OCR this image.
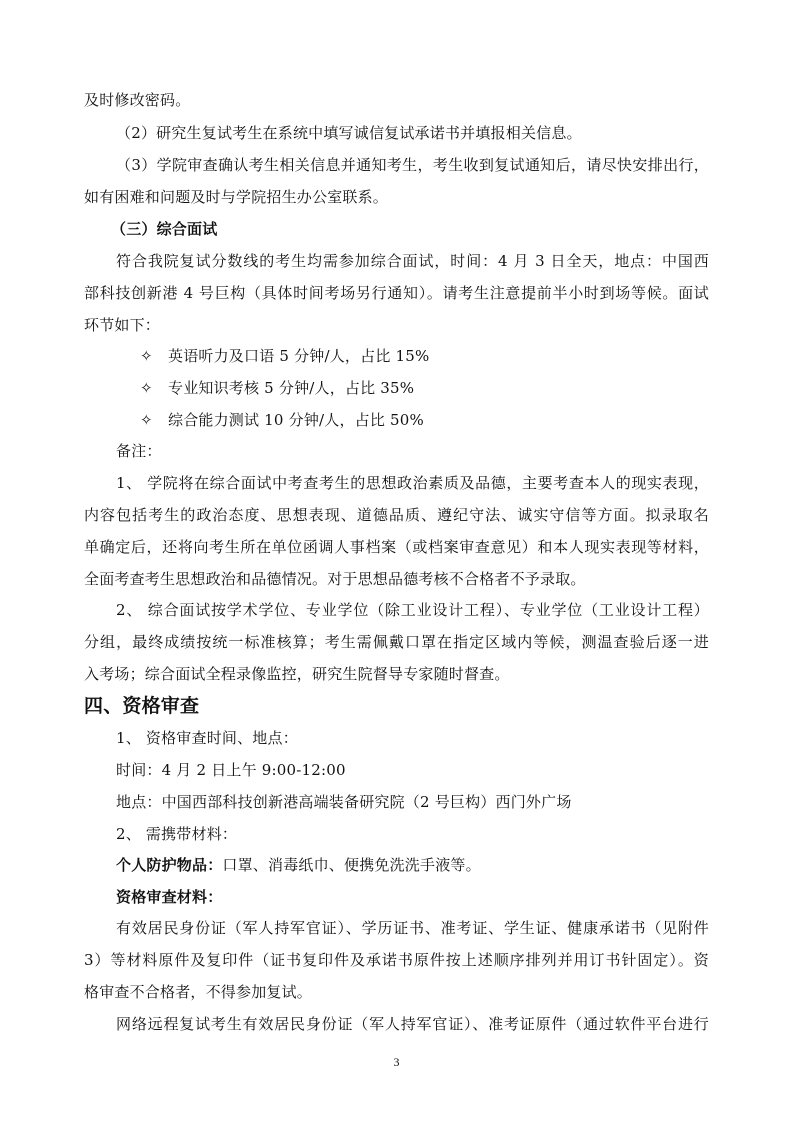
及时修改密码。
（2）研究生复试考生在系统中填写诚信复试承诺书并填报相关信息。
（3）学院审查确认考生相关信息并通知考生，考生收到复试通知后，请尽快安排出行，
如有困难和问题及时与学院招生办公室联系。
（三）综合面试
符合我院复试分数线的考生均需参加综合面试，时间：4 月 3 日全天，地点：中国西
部科技创新港 4 号巨构（具体时间考场另行通知）。请考生注意提前半小时到场等候。面试
环节如下：
✧ 英语听力及口语 5 分钟/人，占比 15%
✧ 专业知识考核 5 分钟/人，占比 35%
✧ 综合能力测试 10 分钟/人，占比 50%
备注：
1、 学院将在综合面试中考查考生的思想政治素质及品德，主要考查本人的现实表现，
内容包括考生的政治态度、思想表现、道德品质、遵纪守法、诚实守信等方面。拟录取名
单确定后，还将向考生所在单位函调人事档案（或档案审查意见）和本人现实表现等材料，
全面考查考生思想政治和品德情况。对于思想品德考核不合格者不予录取。
2、 综合面试按学术学位、专业学位（除工业设计工程）、专业学位（工业设计工程）
分组，最终成绩按统一标准核算；考生需佩戴口罩在指定区域内等候，测温查验后逐一进
入考场；综合面试全程录像监控，研究生院督导专家随时督查。
四、资格审查
1、 资格审查时间、地点：
时间：4 月 2 日上午 9:00-12:00
地点：中国西部科技创新港高端装备研究院（2 号巨构）西门外广场
2、 需携带材料：
个人防护物品：口罩、消毒纸巾、便携免洗洗手液等。
资格审查材料：
有效居民身份证（军人持军官证）、学历证书、准考证、学生证、健康承诺书（见附件
3）等材料原件及复印件（证书复印件及承诺书原件按上述顺序排列并用订书针固定）。资
格审查不合格者，不得参加复试。
网络远程复试考生有效居民身份证（军人持军官证）、准考证原件（通过软件平台进行
3
